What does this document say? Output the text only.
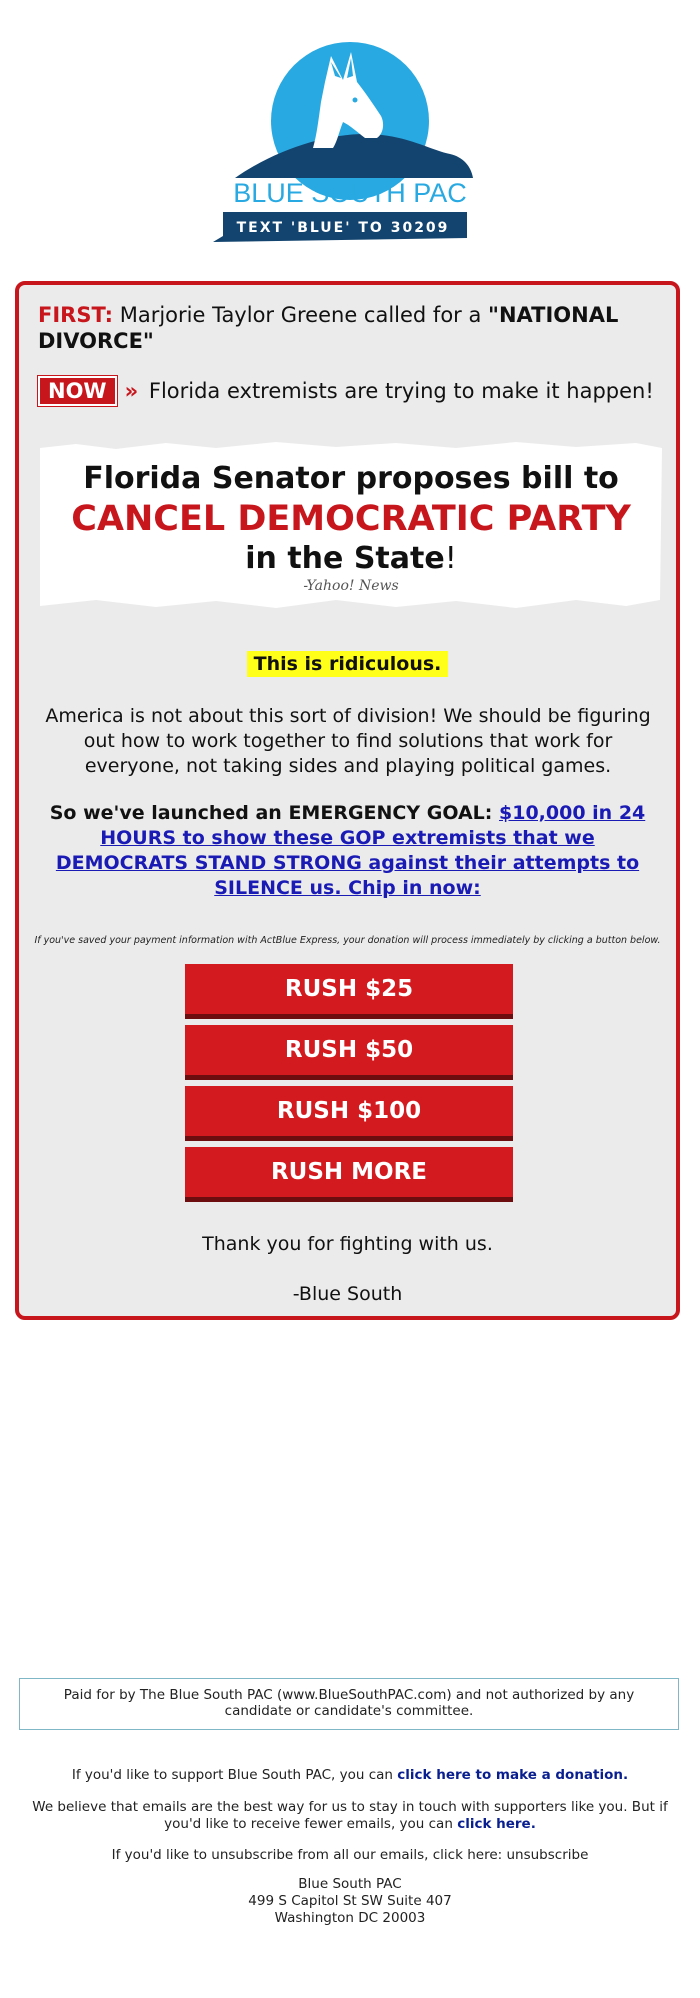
BLUE SOUTH PAC
TEXT 'BLUE' TO 30209
FIRST: Marjorie Taylor Greene called for a "NATIONAL DIVORCE"
NOW » Florida extremists are trying to make it happen!
Florida Senator proposes bill to
CANCEL DEMOCRATIC PARTY
in the State!
-Yahoo! News
This is ridiculous.
America is not about this sort of division! We should be figuring out how to work together to find solutions that work for everyone, not taking sides and playing political games.
So we've launched an EMERGENCY GOAL: $10,000 in 24 HOURS to show these GOP extremists that we DEMOCRATS STAND STRONG against their attempts to SILENCE us. Chip in now:
If you've saved your payment information with ActBlue Express, your donation will process immediately by clicking a button below.
RUSH $25
RUSH $50
RUSH $100
RUSH MORE
Thank you for fighting with us.
-Blue South
Paid for by The Blue South PAC (www.BlueSouthPAC.com) and not authorized by any candidate or candidate's committee.
If you'd like to support Blue South PAC, you can click here to make a donation.
We believe that emails are the best way for us to stay in touch with supporters like you. But if you'd like to receive fewer emails, you can click here.
If you'd like to unsubscribe from all our emails, click here: unsubscribe
Blue South PAC
499 S Capitol St SW Suite 407
Washington DC 20003
